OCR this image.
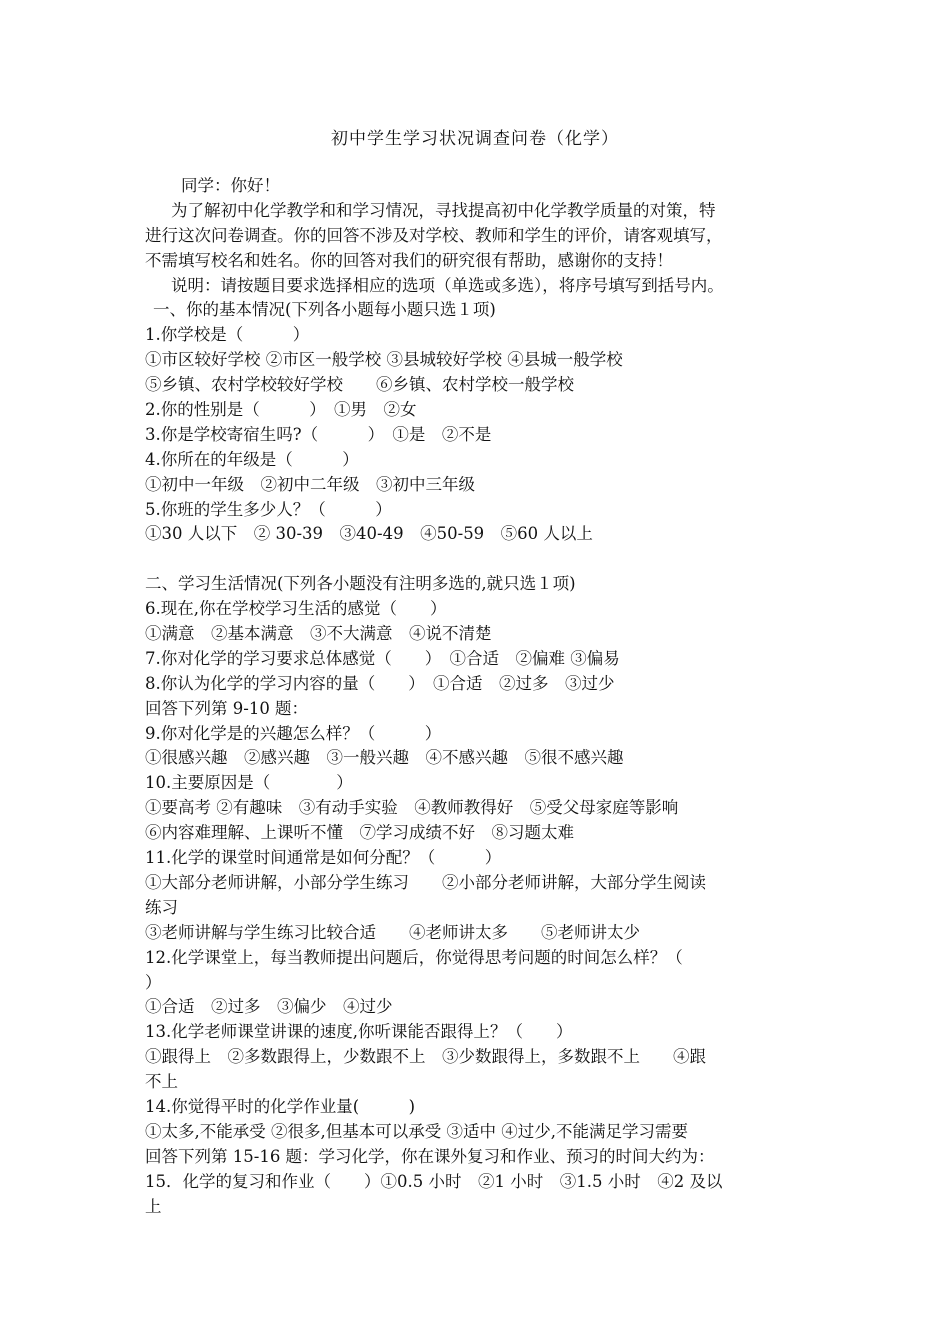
初中学生学习状况调查问卷（化学）
同学：你好！
为了解初中化学教学和和学习情况，寻找提高初中化学教学质量的对策，特
进行这次问卷调查。你的回答不涉及对学校、教师和学生的评价，请客观填写，
不需填写校名和姓名。你的回答对我们的研究很有帮助，感谢你的支持！
说明：请按题目要求选择相应的选项（单选或多选），将序号填写到括号内。
一、你的基本情况(下列各小题每小题只选１项)
1.你学校是（　　　）
①市区较好学校 ②市区一般学校 ③县城较好学校 ④县城一般学校
⑤乡镇、农村学校较好学校　　⑥乡镇、农村学校一般学校
2.你的性别是（　　　）　①男　②女
3.你是学校寄宿生吗?（　　　）　①是　②不是
4.你所在的年级是（　　　）
①初中一年级　②初中二年级　③初中三年级
5.你班的学生多少人？（　　　）
①30 人以下　② 30-39　③40-49　④50-59　⑤60 人以上
二、学习生活情况(下列各小题没有注明多选的,就只选１项)
6.现在,你在学校学习生活的感觉（　　）
①满意　②基本满意　③不大满意　④说不清楚
7.你对化学的学习要求总体感觉（　　）　①合适　②偏难 ③偏易
8.你认为化学的学习内容的量（　　）　①合适　②过多　③过少
回答下列第 9-10 题：
9.你对化学是的兴趣怎么样？（　　　）
①很感兴趣　②感兴趣　③一般兴趣　④不感兴趣　⑤很不感兴趣
10.主要原因是（　　　　）
①要高考 ②有趣味　③有动手实验　④教师教得好　⑤受父母家庭等影响
⑥内容难理解、上课听不懂　⑦学习成绩不好　⑧习题太难
11.化学的课堂时间通常是如何分配？（　　　）
①大部分老师讲解，小部分学生练习　　②小部分老师讲解，大部分学生阅读
练习
③老师讲解与学生练习比较合适　　④老师讲太多　　⑤老师讲太少
12.化学课堂上，每当教师提出问题后，你觉得思考问题的时间怎么样？（
）
①合适　②过多　③偏少　④过少
13.化学老师课堂讲课的速度,你听课能否跟得上？（　　）
①跟得上　②多数跟得上，少数跟不上　③少数跟得上，多数跟不上　　④跟
不上
14.你觉得平时的化学作业量(　　　)
①太多,不能承受 ②很多,但基本可以承受 ③适中 ④过少,不能满足学习需要
回答下列第 15-16 题：学习化学，你在课外复习和作业、预习的时间大约为：
15．化学的复习和作业（　　）①0.5 小时　②1 小时　③1.5 小时　④2 及以
上
